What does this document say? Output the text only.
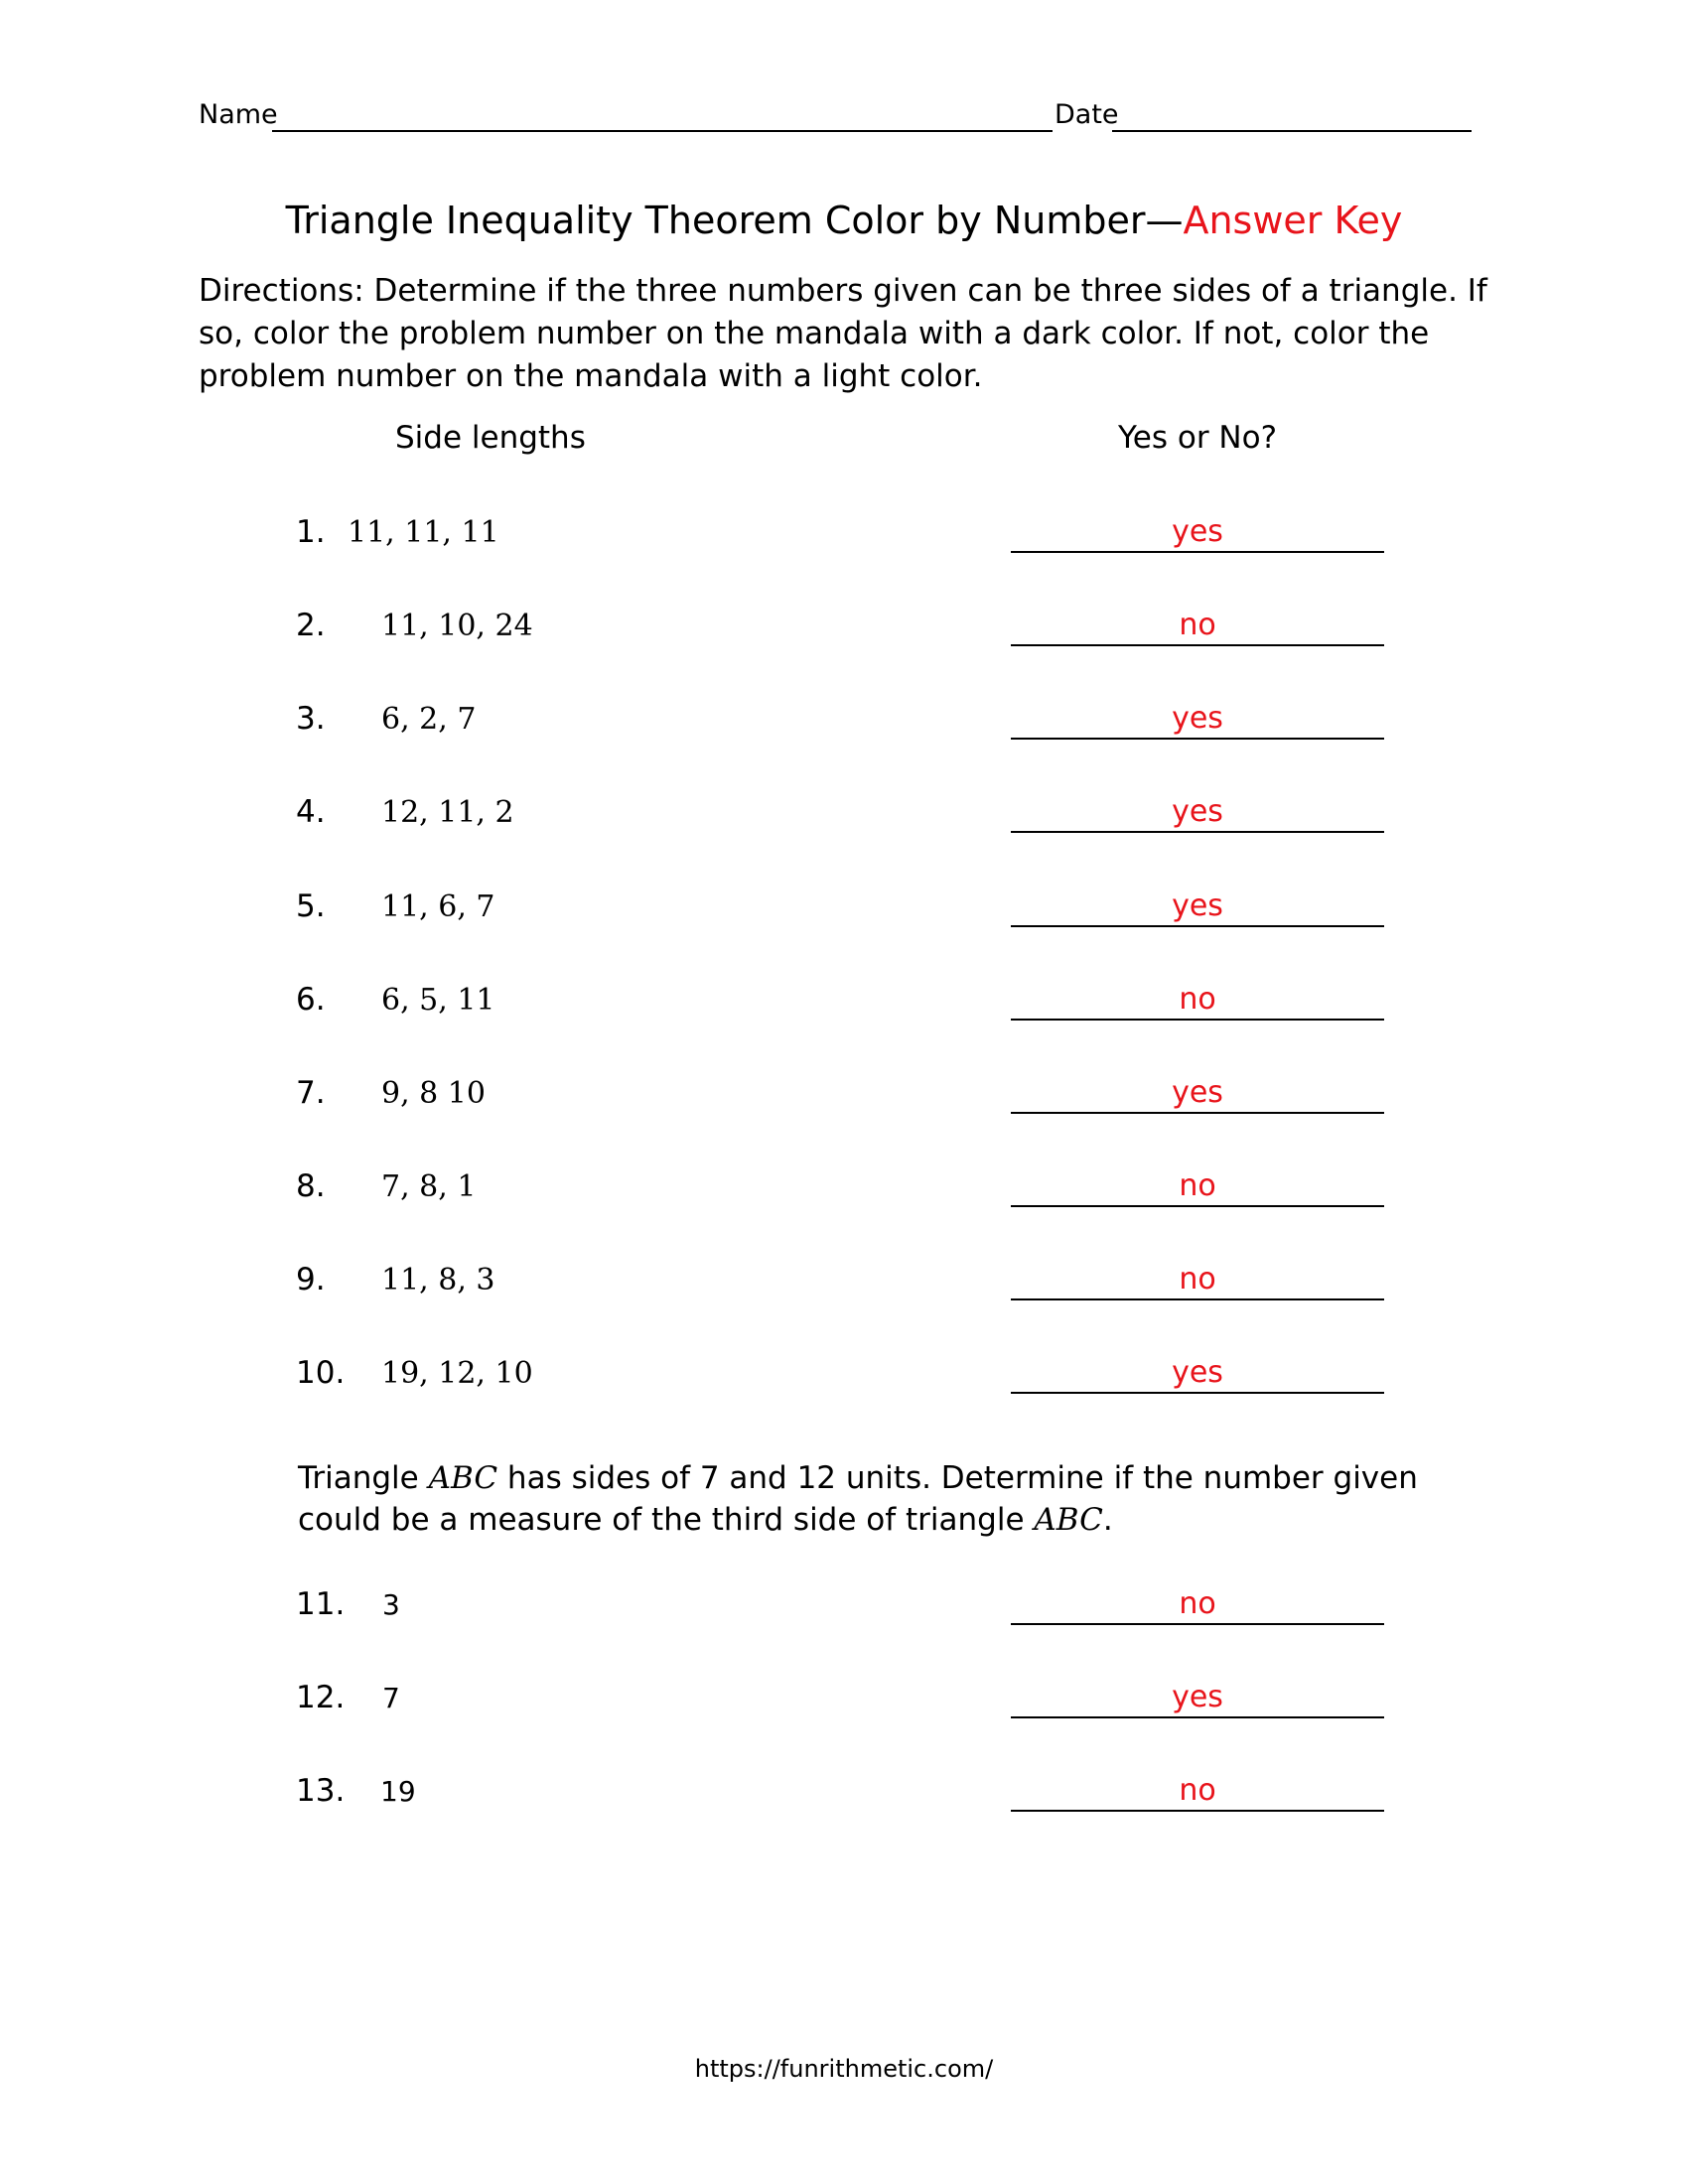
Name	Date
Triangle Inequality Theorem Color by Number—Answer Key
Directions: Determine if the three numbers given can be three sides of a triangle. If so, color the problem number on the mandala with a dark color. If not, color the problem number on the mandala with a light color.
Side lengths	Yes or No?
1. 11, 11, 11	yes
2. 11, 10, 24	no
3. 6, 2, 7	yes
4. 12, 11, 2	yes
5. 11, 6, 7	yes
6. 6, 5, 11	no
7. 9, 8 10	yes
8. 7, 8, 1	no
9. 11, 8, 3	no
10. 19, 12, 10	yes
Triangle ABC has sides of 7 and 12 units. Determine if the number given could be a measure of the third side of triangle ABC.
11. 3	no
12. 7	yes
13. 19	no
https://funrithmetic.com/
